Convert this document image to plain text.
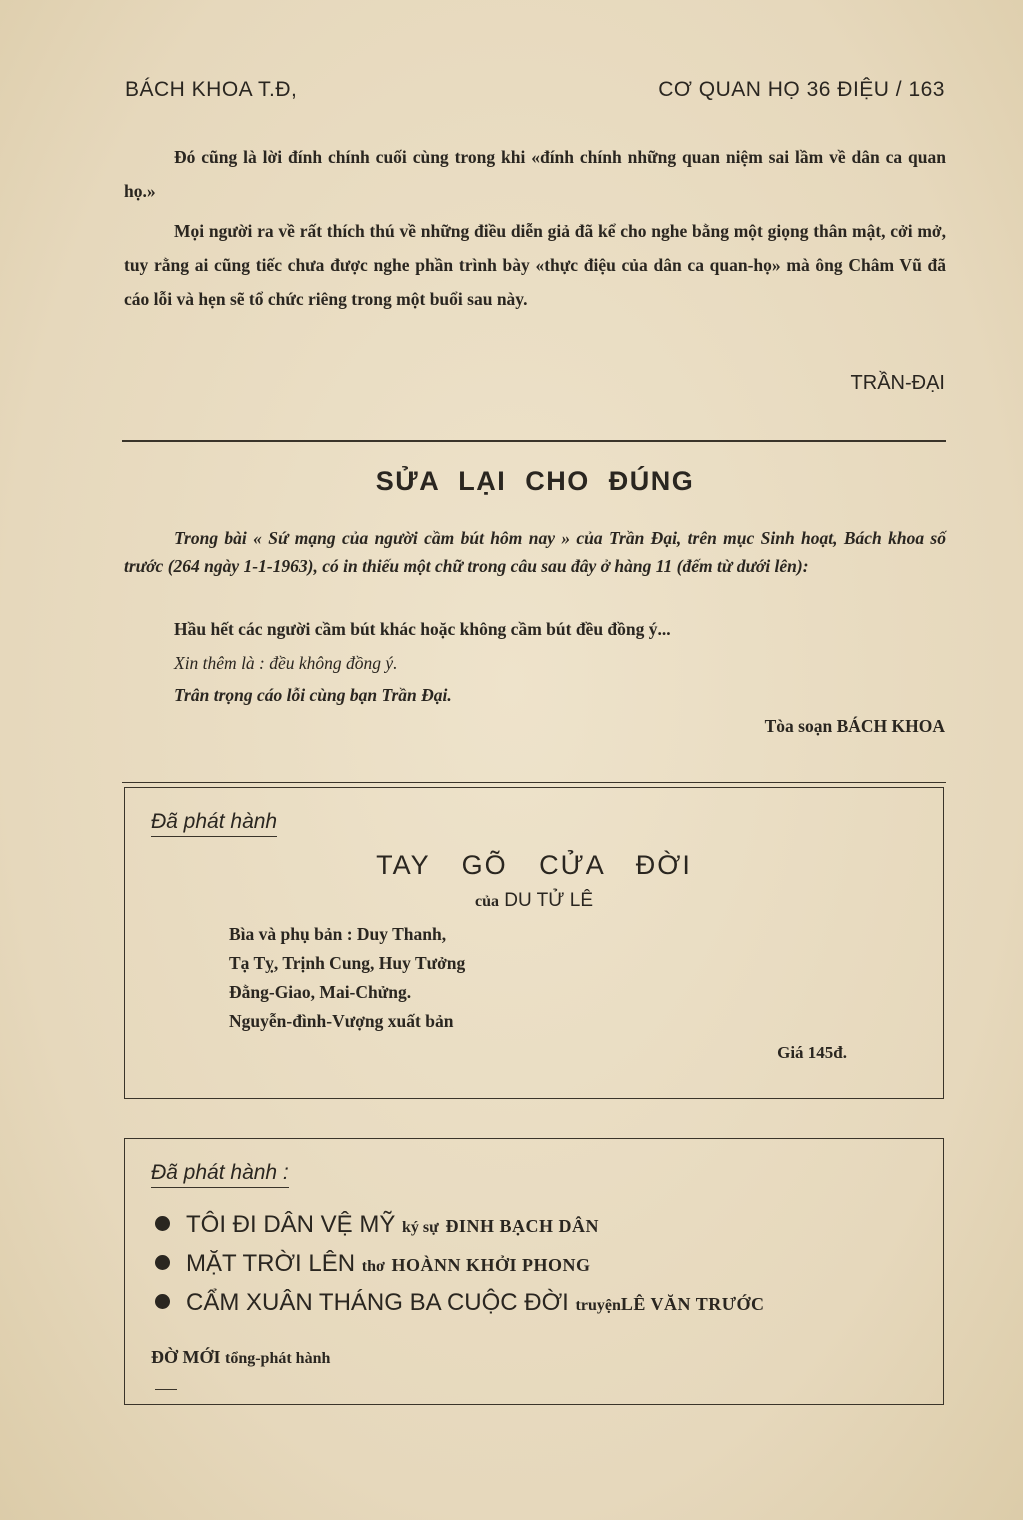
BÁCH KHOA T.Đ,	CƠ QUAN HỌ 36 ĐIỆU / 163
Đó cũng là lời đính chính cuối cùng trong khi «đính chính những quan niệm sai lầm về dân ca quan họ.»
Mọi người ra về rất thích thú về những điều diễn giả đã kể cho nghe bằng một giọng thân mật, cởi mở, tuy rằng ai cũng tiếc chưa được nghe phần trình bày «thực điệu của dân ca quan-họ» mà ông Châm Vũ đã cáo lỗi và hẹn sẽ tổ chức riêng trong một buổi sau này.
TRẦN-ĐẠI
SỬA LẠI CHO ĐÚNG
Trong bài « Sứ mạng của người cầm bút hôm nay » của Trần Đại, trên mục Sinh hoạt, Bách khoa số trước (264 ngày 1-1-1963), có in thiếu một chữ trong câu sau đây ở hàng 11 (đếm từ dưới lên):
Hầu hết các người cầm bút khác hoặc không cầm bút đều đồng ý...
Xin thêm là : đều không đồng ý.
Trân trọng cáo lỗi cùng bạn Trần Đại.
Tòa soạn BÁCH KHOA
Đã phát hành
TAY GÕ CỬA ĐỜI
của DU TỬ LÊ
Bìa và phụ bản : Duy Thanh,
Tạ Tỵ, Trịnh Cung, Huy Tưởng
Đằng-Giao, Mai-Chửng.
Nguyễn-đình-Vượng xuất bản
Giá 145đ.
Đã phát hành :
TÔI ĐI DÂN VỆ MỸ ký sự ĐINH BẠCH DÂN
MẶT TRỜI LÊN thơ HOÀNN KHỞI PHONG
CẨM XUÂN THÁNG BA CUỘC ĐỜI truyệnLÊ VĂN TRƯỚC
ĐỜ MỚI tổng-phát hành
